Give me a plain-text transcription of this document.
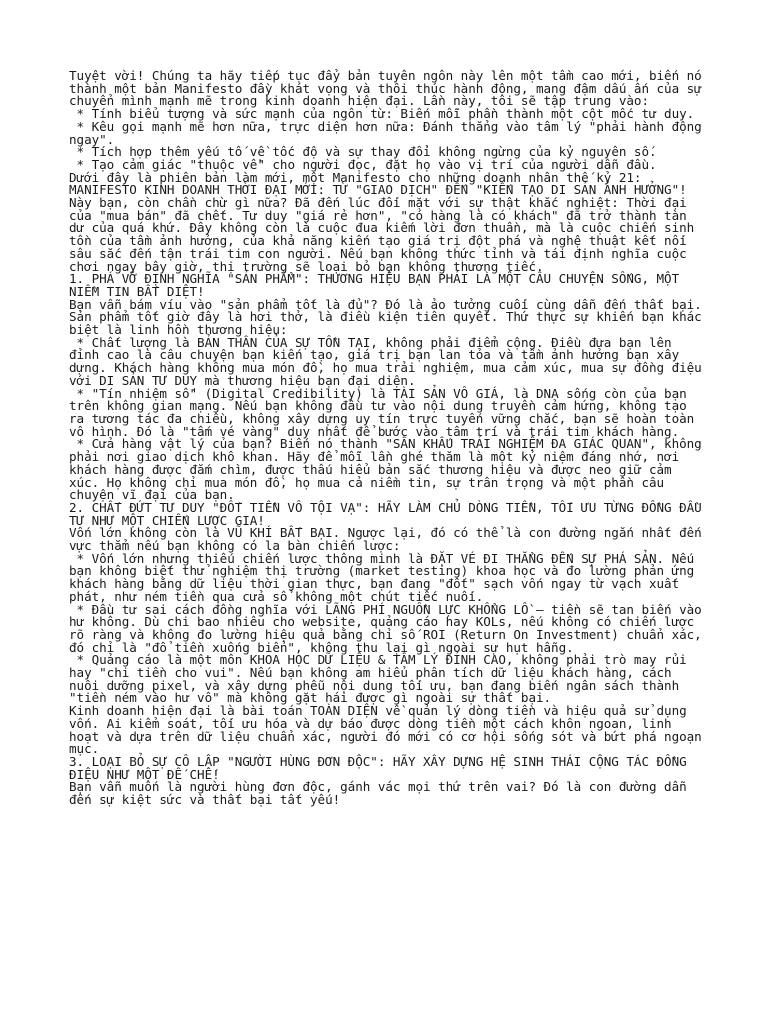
Tuyệt vời! Chúng ta hãy tiếp tục đẩy bản tuyên ngôn này lên một tầm cao mới, biến nó thành một bản Manifesto đầy khát vọng và thôi thúc hành động, mang đậm dấu ấn của sự chuyển mình mạnh mẽ trong kinh doanh hiện đại. Lần này, tôi sẽ tập trung vào:

* Tính biểu tượng và sức mạnh của ngôn từ: Biến mỗi phần thành một cột mốc tư duy.

* Kêu gọi mạnh mẽ hơn nữa, trực diện hơn nữa: Đánh thẳng vào tâm lý "phải hành động ngay".

* Tích hợp thêm yếu tố về tốc độ và sự thay đổi không ngừng của kỷ nguyên số.

* Tạo cảm giác "thuộc về" cho người đọc, đặt họ vào vị trí của người dẫn đầu.

Dưới đây là phiên bản làm mới, một Manifesto cho những doanh nhân thế kỷ 21:

MANIFESTO KINH DOANH THỜI ĐẠI MỚI: TỪ "GIAO DỊCH" ĐẾN "KIẾN TẠO DI SẢN ẢNH HƯỞNG"!

Này bạn, còn chần chừ gì nữa? Đã đến lúc đối mặt với sự thật khắc nghiệt: Thời đại của "mua bán" đã chết. Tư duy "giá rẻ hơn", "có hàng là có khách" đã trở thành tàn dư của quá khứ. Đây không còn là cuộc đua kiếm lời đơn thuần, mà là cuộc chiến sinh tồn của tầm ảnh hưởng, của khả năng kiến tạo giá trị đột phá và nghệ thuật kết nối sâu sắc đến tận trái tim con người. Nếu bạn không thức tỉnh và tái định nghĩa cuộc chơi ngay bây giờ, thị trường sẽ loại bỏ bạn không thương tiếc.

1. PHÁ VỠ ĐỊNH NGHĨA "SẢN PHẨM": THƯƠNG HIỆU BẠN PHẢI LÀ MỘT CÂU CHUYỆN SỐNG, MỘT NIỀM TIN BẤT DIỆT!

Bạn vẫn bám víu vào "sản phẩm tốt là đủ"? Đó là ảo tưởng cuối cùng dẫn đến thất bại. Sản phẩm tốt giờ đây là hơi thở, là điều kiện tiên quyết. Thứ thực sự khiến bạn khác biệt là linh hồn thương hiệu:

* Chất lượng là BẢN THÂN CỦA SỰ TỒN TẠI, không phải điểm cộng. Điều đưa bạn lên đỉnh cao là câu chuyện bạn kiến tạo, giá trị bạn lan tỏa và tầm ảnh hưởng bạn xây dựng. Khách hàng không mua món đồ, họ mua trải nghiệm, mua cảm xúc, mua sự đồng điệu với DI SẢN TƯ DUY mà thương hiệu bạn đại diện.

* "Tín nhiệm số" (Digital Credibility) là TÀI SẢN VÔ GIÁ, là DNA sống còn của bạn trên không gian mạng. Nếu bạn không đầu tư vào nội dung truyền cảm hứng, không tạo ra tương tác đa chiều, không xây dựng uy tín trực tuyến vững chắc, bạn sẽ hoàn toàn vô hình. Đó là "tấm vé vàng" duy nhất để bước vào tâm trí và trái tim khách hàng.

* Cửa hàng vật lý của bạn? Biến nó thành "SÂN KHẤU TRẢI NGHIỆM ĐA GIÁC QUAN", không phải nơi giao dịch khô khan. Hãy để mỗi lần ghé thăm là một kỷ niệm đáng nhớ, nơi khách hàng được đắm chìm, được thấu hiểu bản sắc thương hiệu và được neo giữ cảm xúc. Họ không chỉ mua món đồ, họ mua cả niềm tin, sự trân trọng và một phần câu chuyện vĩ đại của bạn.

2. CHẤT ĐỨT TƯ DUY "ĐỐT TIỀN VÔ TỘI VẠ": HÃY LÀM CHỦ DÒNG TIỀN, TỐI ƯU TỪNG ĐỒNG ĐẦU TƯ NHƯ MỘT CHIẾN LƯỢC GIA!

Vốn lớn không còn là VŨ KHÍ BẤT BẠI. Ngược lại, đó có thể là con đường ngắn nhất đến vực thẳm nếu bạn không có la bàn chiến lược:

* Vốn lớn nhưng thiếu chiến lược thông minh là ĐẶT VÉ ĐI THẲNG ĐẾN SỰ PHÁ SẢN. Nếu bạn không biết thử nghiệm thị trường (market testing) khoa học và đo lường phản ứng khách hàng bằng dữ liệu thời gian thực, bạn đang "đốt" sạch vốn ngay từ vạch xuất phát, như ném tiền qua cửa sổ không một chút tiếc nuối.

* Đầu tư sai cách đồng nghĩa với LÃNG PHÍ NGUỒN LỰC KHỔNG LỒ – tiền sẽ tan biến vào hư không. Dù chi bao nhiêu cho website, quảng cáo hay KOLs, nếu không có chiến lược rõ ràng và không đo lường hiệu quả bằng chỉ số ROI (Return On Investment) chuẩn xác, đó chỉ là "đổ tiền xuống biển", không thu lại gì ngoài sự hụt hẫng.

* Quảng cáo là một môn KHOA HỌC DỮ LIỆU & TÂM LÝ ĐỈNH CAO, không phải trò may rủi hay "chi tiền cho vui". Nếu bạn không am hiểu phân tích dữ liệu khách hàng, cách nuôi dưỡng pixel, và xây dựng phễu nội dung tối ưu, bạn đang biến ngân sách thành "tiền ném vào hư vô" mà không gặt hái được gì ngoài sự thất bại.

Kinh doanh hiện đại là bài toán TOÀN DIỆN về quản lý dòng tiền và hiệu quả sử dụng vốn. Ai kiểm soát, tối ưu hóa và dự báo được dòng tiền một cách khôn ngoan, linh hoạt và dựa trên dữ liệu chuẩn xác, người đó mới có cơ hội sống sót và bứt phá ngoạn mục.

3. LOẠI BỎ SỰ CÔ LẬP "NGƯỜI HÙNG ĐƠN ĐỘC": HÃY XÂY DỰNG HỆ SINH THÁI CỘNG TÁC ĐỒNG ĐIỆU NHƯ MỘT ĐẾ CHẾ!

Bạn vẫn muốn là người hùng đơn độc, gánh vác mọi thứ trên vai? Đó là con đường dẫn đến sự kiệt sức và thất bại tất yếu!
